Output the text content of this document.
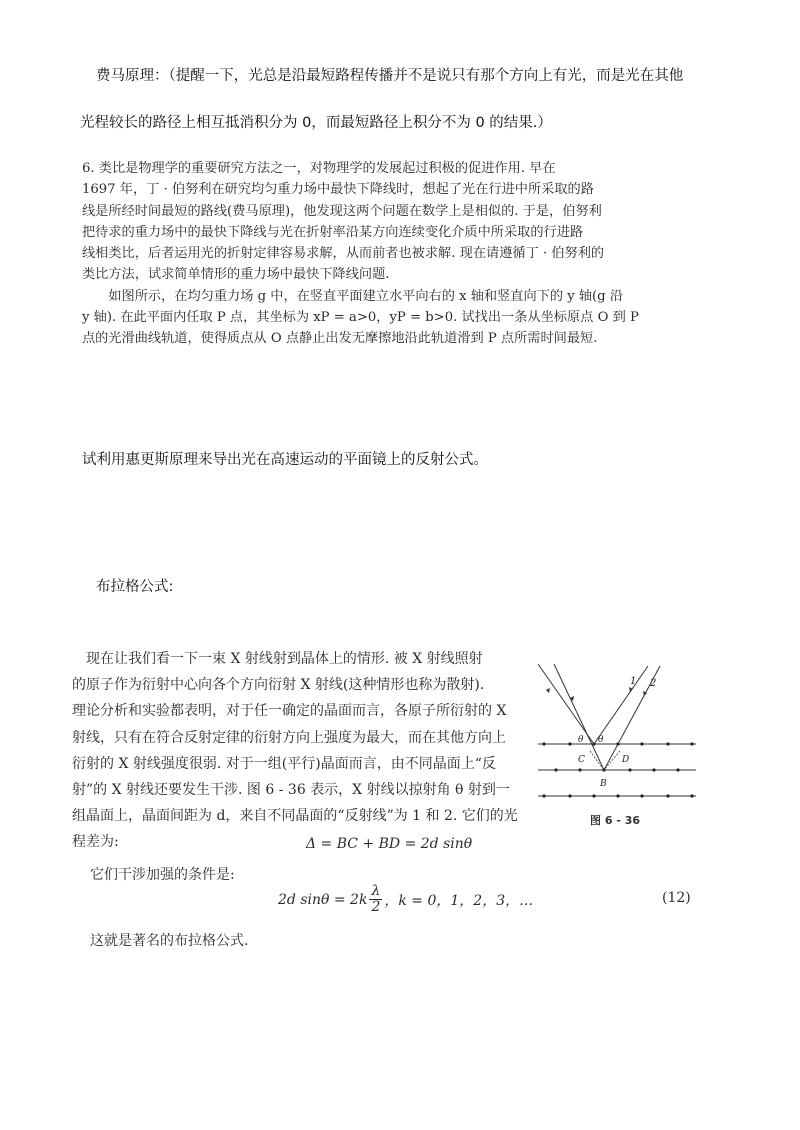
费马原理：（提醒一下，光总是沿最短路程传播并不是说只有那个方向上有光，而是光在其他
光程较长的路径上相互抵消积分为 0，而最短路径上积分不为 0 的结果.）
6. 类比是物理学的重要研究方法之一，对物理学的发展起过积极的促进作用. 早在
1697 年，丁 · 伯努利在研究均匀重力场中最快下降线时，想起了光在行进中所采取的路
线是所经时间最短的路线(费马原理)，他发现这两个问题在数学上是相似的. 于是，伯努利
把待求的重力场中的最快下降线与光在折射率沿某方向连续变化介质中所采取的行进路
线相类比，后者运用光的折射定律容易求解，从而前者也被求解. 现在请遵循丁 · 伯努利的
类比方法，试求简单情形的重力场中最快下降线问题.
　　如图所示，在均匀重力场 g 中，在竖直平面建立水平向右的 x 轴和竖直向下的 y 轴(g 沿
y 轴). 在此平面内任取 P 点，其坐标为 xP = a>0，yP = b>0. 试找出一条从坐标原点 O 到 P
点的光滑曲线轨道，使得质点从 O 点静止出发无摩擦地沿此轨道滑到 P 点所需时间最短.
试利用惠更斯原理来导出光在高速运动的平面镜上的反射公式。
布拉格公式:
　现在让我们看一下一束 X 射线射到晶体上的情形. 被 X 射线照射
的原子作为衍射中心向各个方向衍射 X 射线(这种情形也称为散射).
理论分析和实验都表明，对于任一确定的晶面而言，各原子所衍射的 X
射线，只有在符合反射定律的衍射方向上强度为最大，而在其他方向上
衍射的 X 射线强度很弱. 对于一组(平行)晶面而言，由不同晶面上“反
射”的 X 射线还要发生干涉. 图 6 - 36 表示，X 射线以掠射角 θ 射到一
组晶面上，晶面间距为 d，来自不同晶面的“反射线”为 1 和 2. 它们的光
程差为:	Δ = BC + BD = 2d sinθ
它们干涉加强的条件是:
2d $\sin\theta = 2k \frac{\lambda}{2}$ ，k = 0，1，2，3，…	(12)
这就是著名的布拉格公式.
1 2
θ θ
C	D
B
图 6 - 36
